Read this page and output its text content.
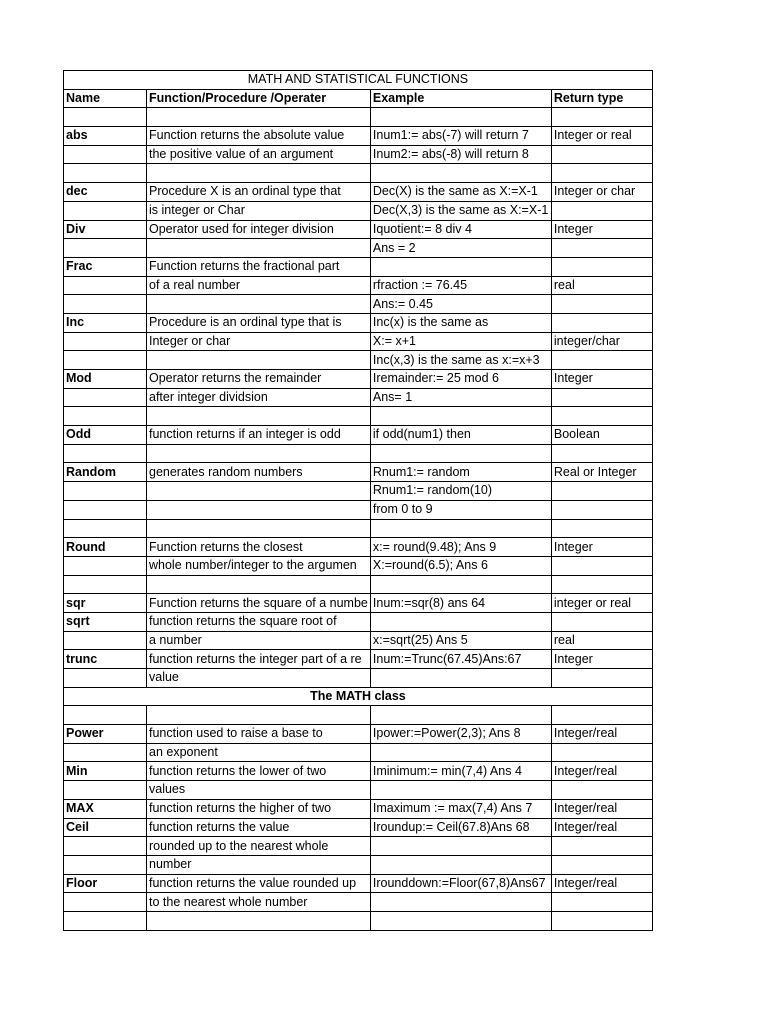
MATH AND STATISTICAL FUNCTIONS			
Name	Function/Procedure /Operater	Example	Return type

abs	Function returns the absolute value	Inum1:= abs(-7) will return 7	Integer or real
	the positive value of an argument	Inum2:= abs(-8) will return 8	

dec	Procedure X is an ordinal type that	Dec(X) is the same as X:=X-1	Integer or char
	is integer or Char	Dec(X,3) is the same as X:=X-1	
Div	Operator used for integer division	Iquotient:= 8 div 4	Integer
		Ans = 2	
Frac	Function returns the fractional part		
	of a real number	rfraction := 76.45	real
		Ans:= 0.45	
Inc	Procedure is an ordinal type that is	Inc(x) is the same as	
	Integer or char	X:= x+1	integer/char
		Inc(x,3) is the same as x:=x+3	
Mod	Operator returns the remainder	Iremainder:= 25 mod 6	Integer
	after integer dividsion	Ans= 1	

Odd	function returns if an integer is odd	if odd(num1) then	Boolean

Random	generates random numbers	Rnum1:= random	Real or Integer
		Rnum1:= random(10)	
		from 0 to 9	

Round	Function returns the closest	x:= round(9.48); Ans 9	Integer
	whole number/integer to the argumen	X:=round(6.5); Ans 6	

sqr	Function returns the square of a numbe	Inum:=sqr(8) ans 64	integer or real
sqrt	function returns the square root of		
	a number	x:=sqrt(25) Ans 5	real
trunc	function returns the integer part of a re	Inum:=Trunc(67.45)Ans:67	Integer
	value		
The MATH class			

Power	function used to raise a base to	Ipower:=Power(2,3); Ans 8	Integer/real
	an exponent		
Min	function returns the lower of two	Iminimum:= min(7,4) Ans 4	Integer/real
	values		
MAX	function returns the higher of two	Imaximum := max(7,4) Ans 7	Integer/real
Ceil	function returns the value	Iroundup:= Ceil(67.8)Ans 68	Integer/real
	rounded up to the nearest whole		
	number		
Floor	function returns the value rounded up	Irounddown:=Floor(67,8)Ans67	Integer/real
	to the nearest whole number		
